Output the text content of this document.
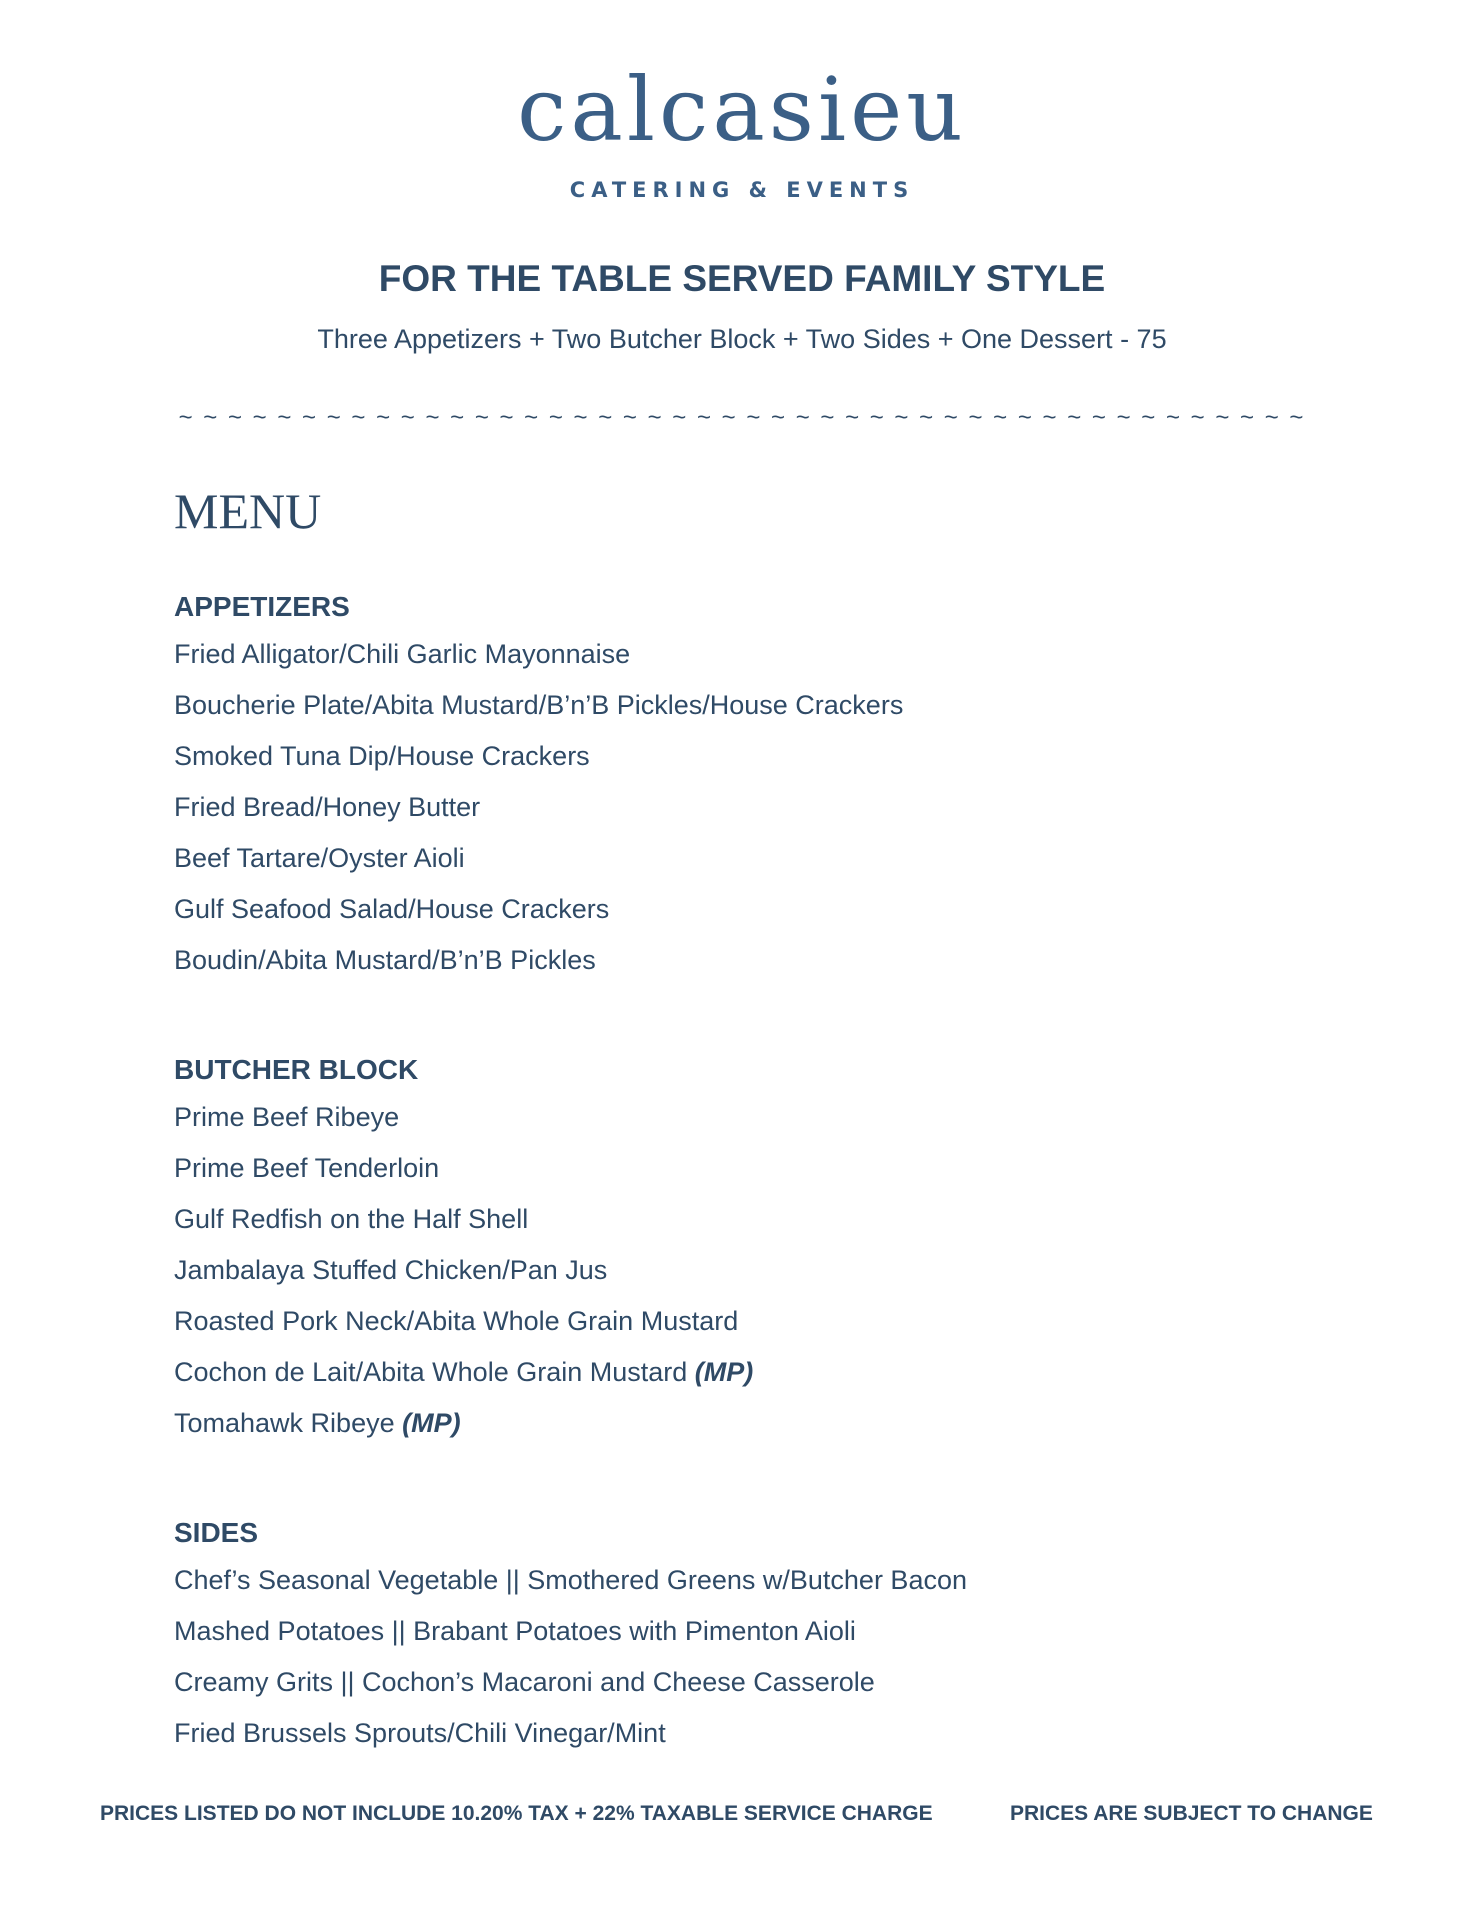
calcasieu
CATERING & EVENTS
FOR THE TABLE SERVED FAMILY STYLE
Three Appetizers + Two Butcher Block + Two Sides + One Dessert - 75
~ ~ ~ ~ ~ ~ ~ ~ ~ ~ ~ ~ ~ ~ ~ ~ ~ ~ ~ ~ ~ ~ ~ ~ ~ ~ ~ ~ ~ ~ ~ ~ ~ ~ ~ ~ ~ ~ ~ ~ ~ ~ ~ ~ ~ ~
MENU
APPETIZERS
Fried Alligator/Chili Garlic Mayonnaise
Boucherie Plate/Abita Mustard/B’n’B Pickles/House Crackers
Smoked Tuna Dip/House Crackers
Fried Bread/Honey Butter
Beef Tartare/Oyster Aioli
Gulf Seafood Salad/House Crackers
Boudin/Abita Mustard/B’n’B Pickles
BUTCHER BLOCK
Prime Beef Ribeye
Prime Beef Tenderloin
Gulf Redfish on the Half Shell
Jambalaya Stuffed Chicken/Pan Jus
Roasted Pork Neck/Abita Whole Grain Mustard
Cochon de Lait/Abita Whole Grain Mustard (MP)
Tomahawk Ribeye (MP)
SIDES
Chef’s Seasonal Vegetable || Smothered Greens w/Butcher Bacon
Mashed Potatoes || Brabant Potatoes with Pimenton Aioli
Creamy Grits || Cochon’s Macaroni and Cheese Casserole
Fried Brussels Sprouts/Chili Vinegar/Mint
PRICES LISTED DO NOT INCLUDE 10.20% TAX + 22% TAXABLE SERVICE CHARGE	PRICES ARE SUBJECT TO CHANGE
